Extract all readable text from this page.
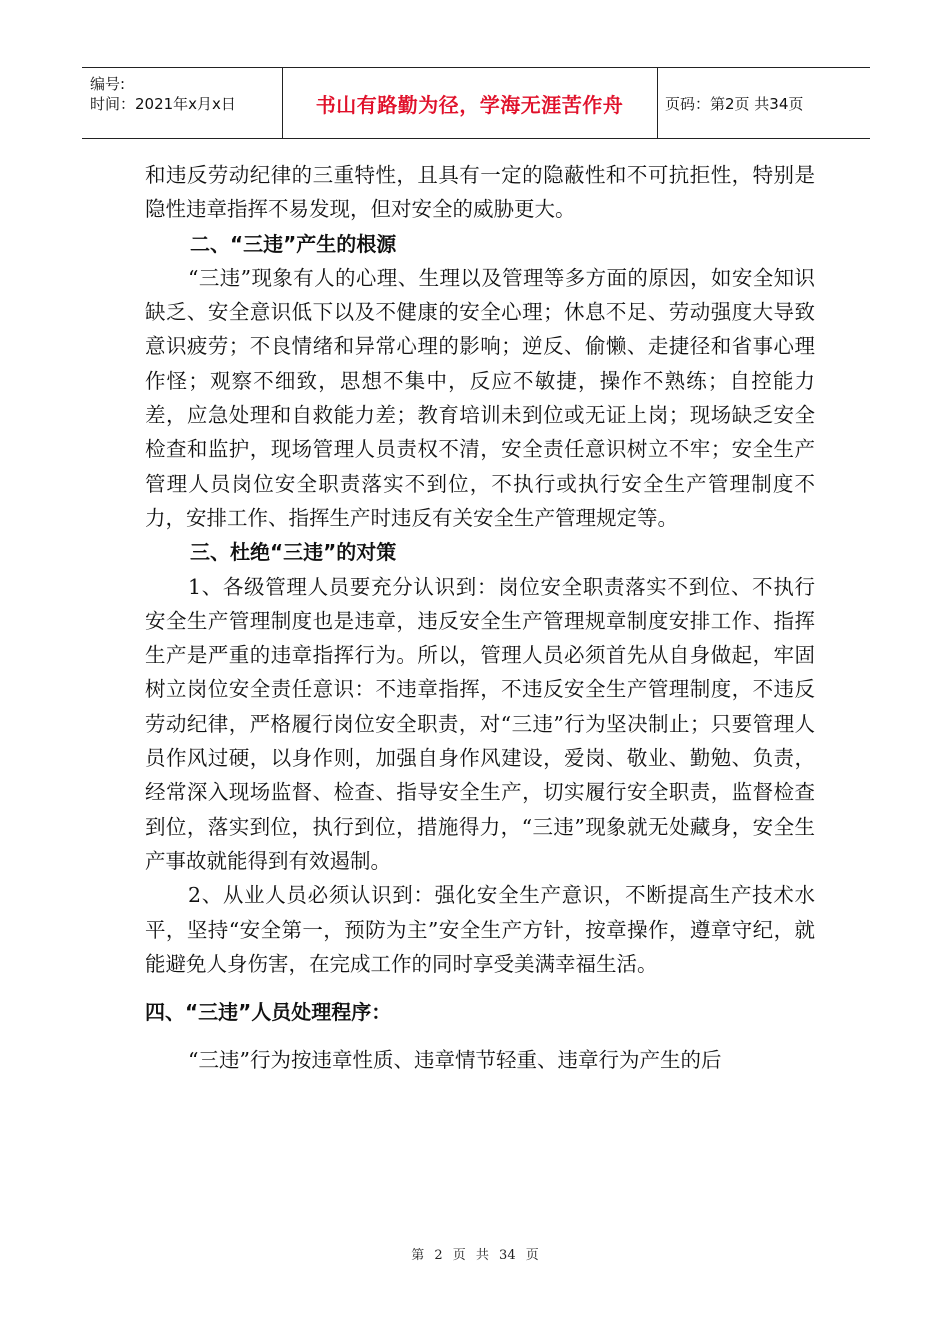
编号:
时间：2021年x月x日	书山有路勤为径，学海无涯苦作舟	页码：第2页 共34页

和违反劳动纪律的三重特性，且具有一定的隐蔽性和不可抗拒性，特别是隐性违章指挥不易发现，但对安全的威胁更大。

二、“三违”产生的根源

“三违”现象有人的心理、生理以及管理等多方面的原因，如安全知识缺乏、安全意识低下以及不健康的安全心理；休息不足、劳动强度大导致意识疲劳；不良情绪和异常心理的影响；逆反、偷懒、走捷径和省事心理作怪；观察不细致，思想不集中，反应不敏捷，操作不熟练；自控能力差，应急处理和自救能力差；教育培训未到位或无证上岗；现场缺乏安全检查和监护，现场管理人员责权不清，安全责任意识树立不牢；安全生产管理人员岗位安全职责落实不到位，不执行或执行安全生产管理制度不力，安排工作、指挥生产时违反有关安全生产管理规定等。

三、杜绝“三违”的对策

1、各级管理人员要充分认识到：岗位安全职责落实不到位、不执行安全生产管理制度也是违章，违反安全生产管理规章制度安排工作、指挥生产是严重的违章指挥行为。所以，管理人员必须首先从自身做起，牢固树立岗位安全责任意识：不违章指挥，不违反安全生产管理制度，不违反劳动纪律，严格履行岗位安全职责，对“三违”行为坚决制止；只要管理人员作风过硬，以身作则，加强自身作风建设，爱岗、敬业、勤勉、负责，经常深入现场监督、检查、指导安全生产，切实履行安全职责，监督检查到位，落实到位，执行到位，措施得力，“三违”现象就无处藏身，安全生产事故就能得到有效遏制。

2、从业人员必须认识到：强化安全生产意识，不断提高生产技术水平，坚持“安全第一，预防为主”安全生产方针，按章操作，遵章守纪，就能避免人身伤害，在完成工作的同时享受美满幸福生活。

四、“三违”人员处理程序：

“三违”行为按违章性质、违章情节轻重、违章行为产生的后

第 2 页 共 34 页
